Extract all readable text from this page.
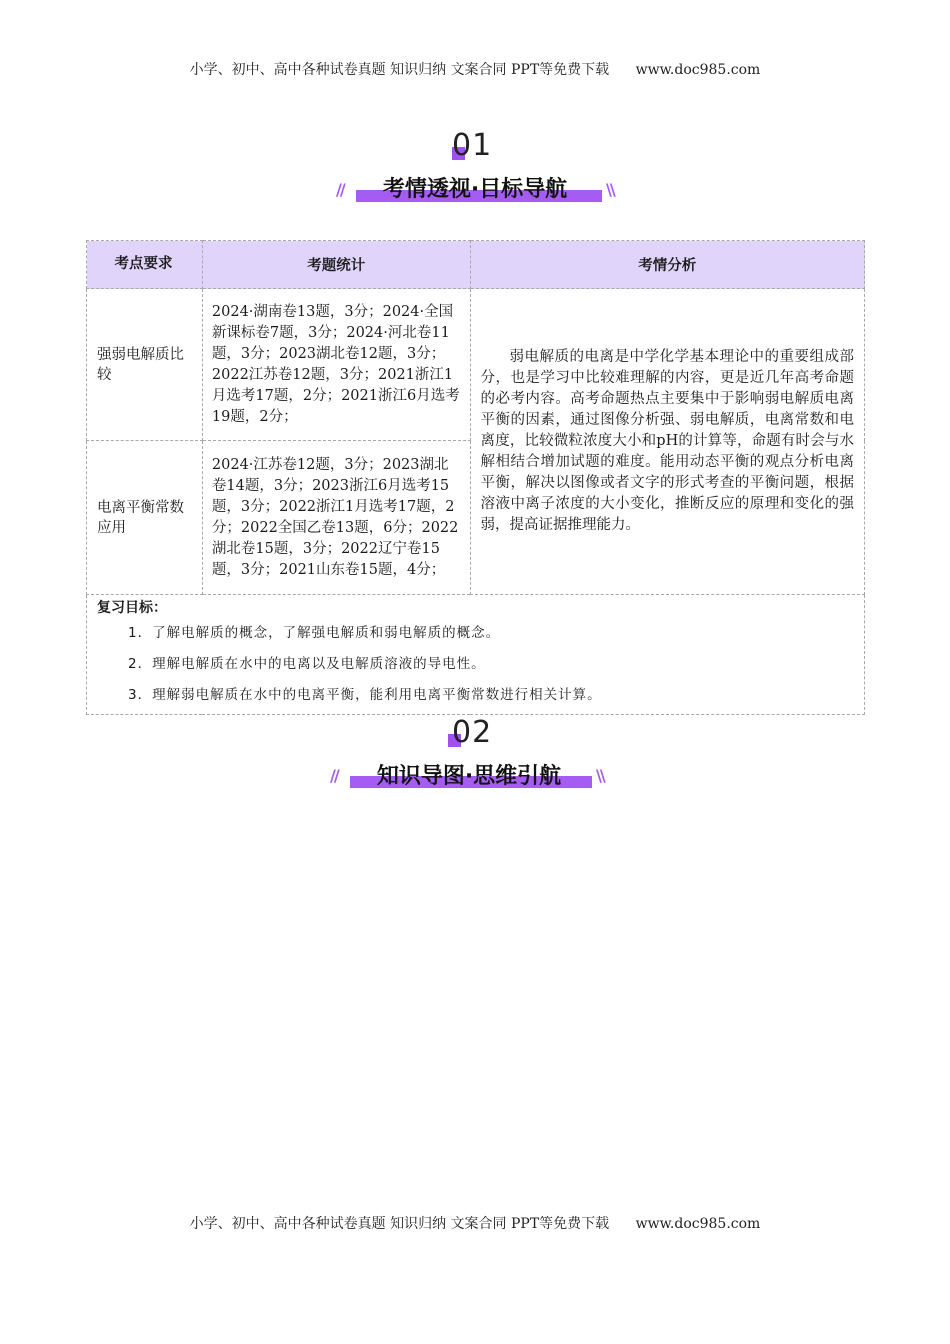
小学、初中、高中各种试卷真题 知识归纳 文案合同 PPT等免费下载 www.doc985.com
01
//	\\
考情透视·目标导航
考点要求	考题统计	考情分析

强弱电解质比较	2024·湖南卷13题，3分；2024·全国新课标卷7题，3分；2024·河北卷11题，3分；2023湖北卷12题，3分；2022江苏卷12题，3分；2021浙江1月选考17题，2分；2021浙江6月选考19题，2分；	弱电解质的电离是中学化学基本理论中的重要组成部分，也是学习中比较难理解的内容，更是近几年高考命题的必考内容。高考命题热点主要集中于影响弱电解质电离平衡的因素，通过图像分析强、弱电解质，电离常数和电离度，比较微粒浓度大小和pH的计算等，命题有时会与水解相结合增加试题的难度。能用动态平衡的观点分析电离平衡，解决以图像或者文字的形式考查的平衡问题，根据溶液中离子浓度的大小变化，推断反应的原理和变化的强弱，提高证据推理能力。

电离平衡常数应用	2024·江苏卷12题，3分；2023湖北卷14题，3分；2023浙江6月选考15题，3分；2022浙江1月选考17题，2分；2022全国乙卷13题，6分；2022湖北卷15题，3分；2022辽宁卷15题，3分；2021山东卷15题，4分；	

复习目标：
1．了解电解质的概念，了解强电解质和弱电解质的概念。
2．理解电解质在水中的电离以及电解质溶液的导电性。
3．理解弱电解质在水中的电离平衡，能利用电离平衡常数进行相关计算。		
02
//	\\
知识导图·思维引航
小学、初中、高中各种试卷真题 知识归纳 文案合同 PPT等免费下载 www.doc985.com
